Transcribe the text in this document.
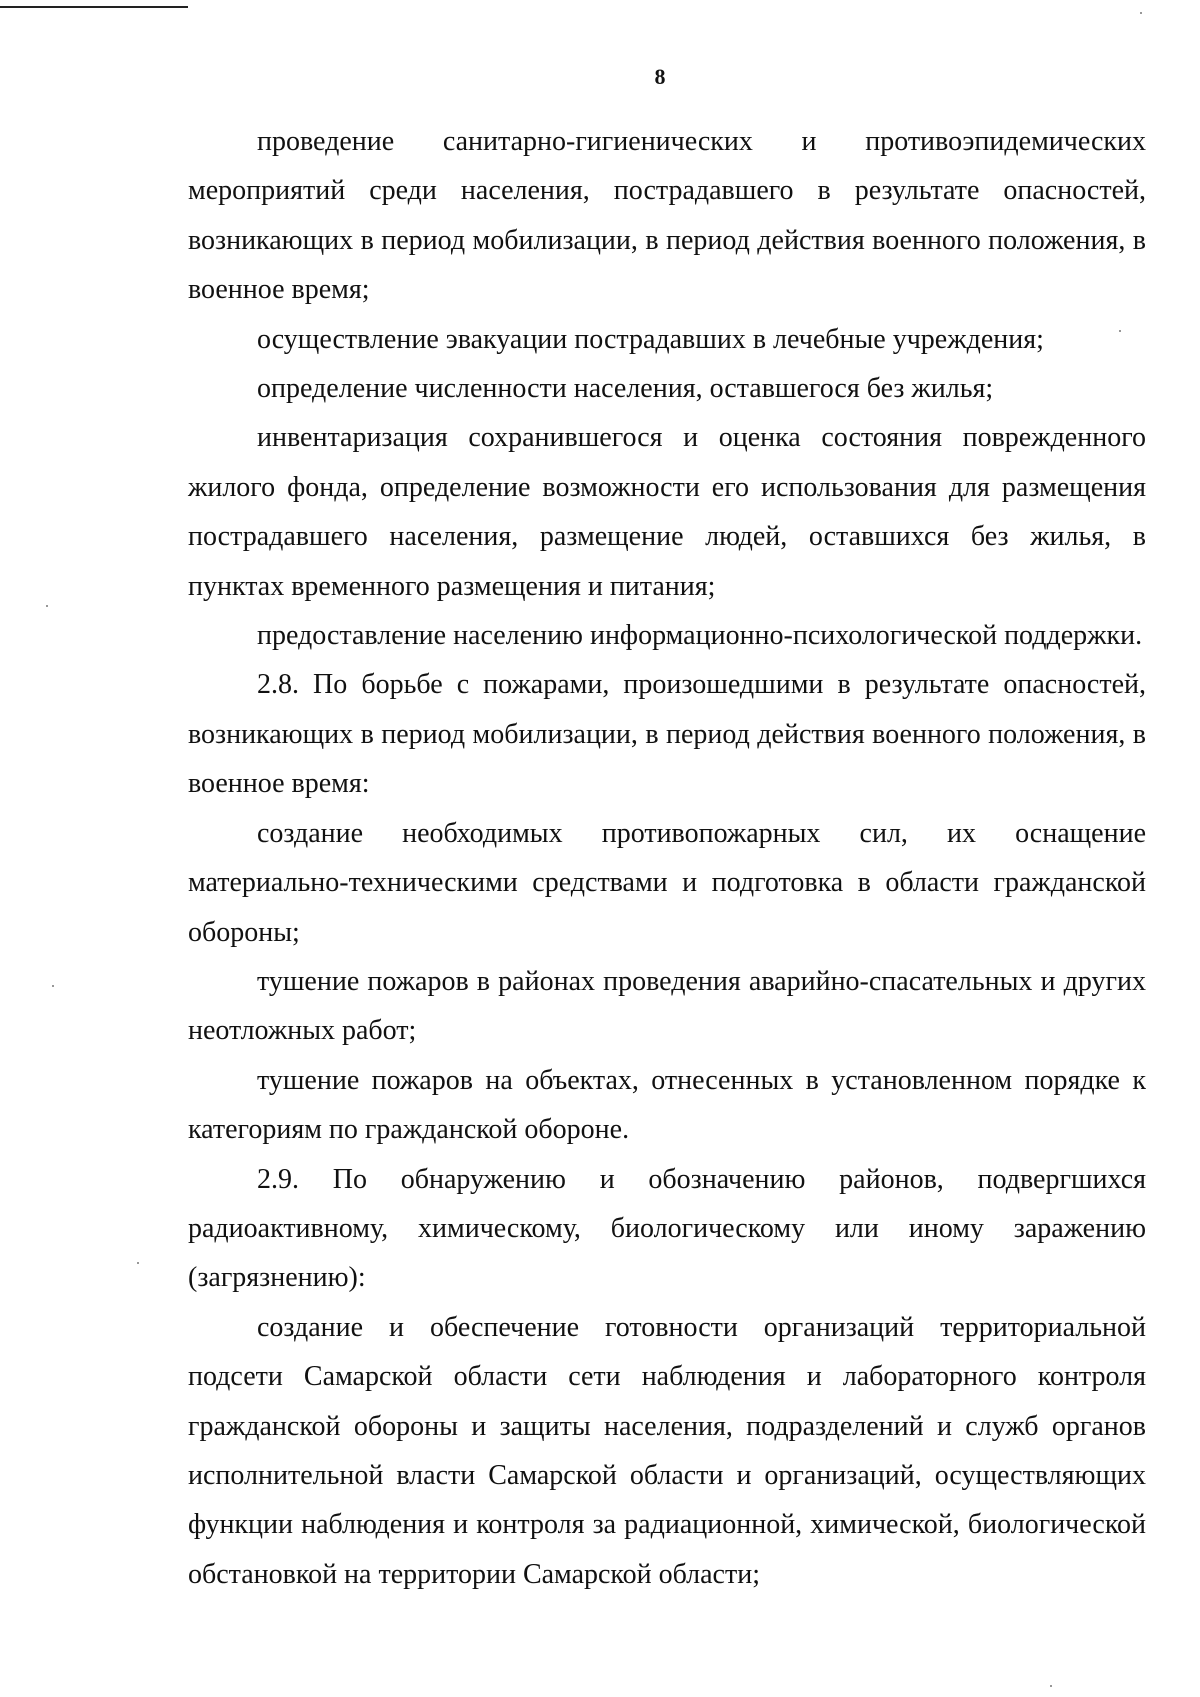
8

проведение санитарно-гигиенических и противоэпидемических мероприятий среди населения, пострадавшего в результате опасностей, возникающих в период мобилизации, в период действия военного положения, в военное время;

осуществление эвакуации пострадавших в лечебные учреждения;

определение численности населения, оставшегося без жилья;

инвентаризация сохранившегося и оценка состояния поврежденного жилого фонда, определение возможности его использования для размещения пострадавшего населения, размещение людей, оставшихся без жилья, в пунктах временного размещения и питания;

предоставление населению информационно-психологической поддержки.

2.8. По борьбе с пожарами, произошедшими в результате опасностей, возникающих в период мобилизации, в период действия военного положения, в военное время:

создание необходимых противопожарных сил, их оснащение материально-техническими средствами и подготовка в области гражданской обороны;

тушение пожаров в районах проведения аварийно-спасательных и других неотложных работ;

тушение пожаров на объектах, отнесенных в установленном порядке к категориям по гражданской обороне.

2.9. По обнаружению и обозначению районов, подвергшихся радиоактивному, химическому, биологическому или иному заражению (загрязнению):

создание и обеспечение готовности организаций территориальной подсети Самарской области сети наблюдения и лабораторного контроля гражданской обороны и защиты населения, подразделений и служб органов исполнительной власти Самарской области и организаций, осуществляющих функции наблюдения и контроля за радиационной, химической, биологической обстановкой на территории Самарской области;
